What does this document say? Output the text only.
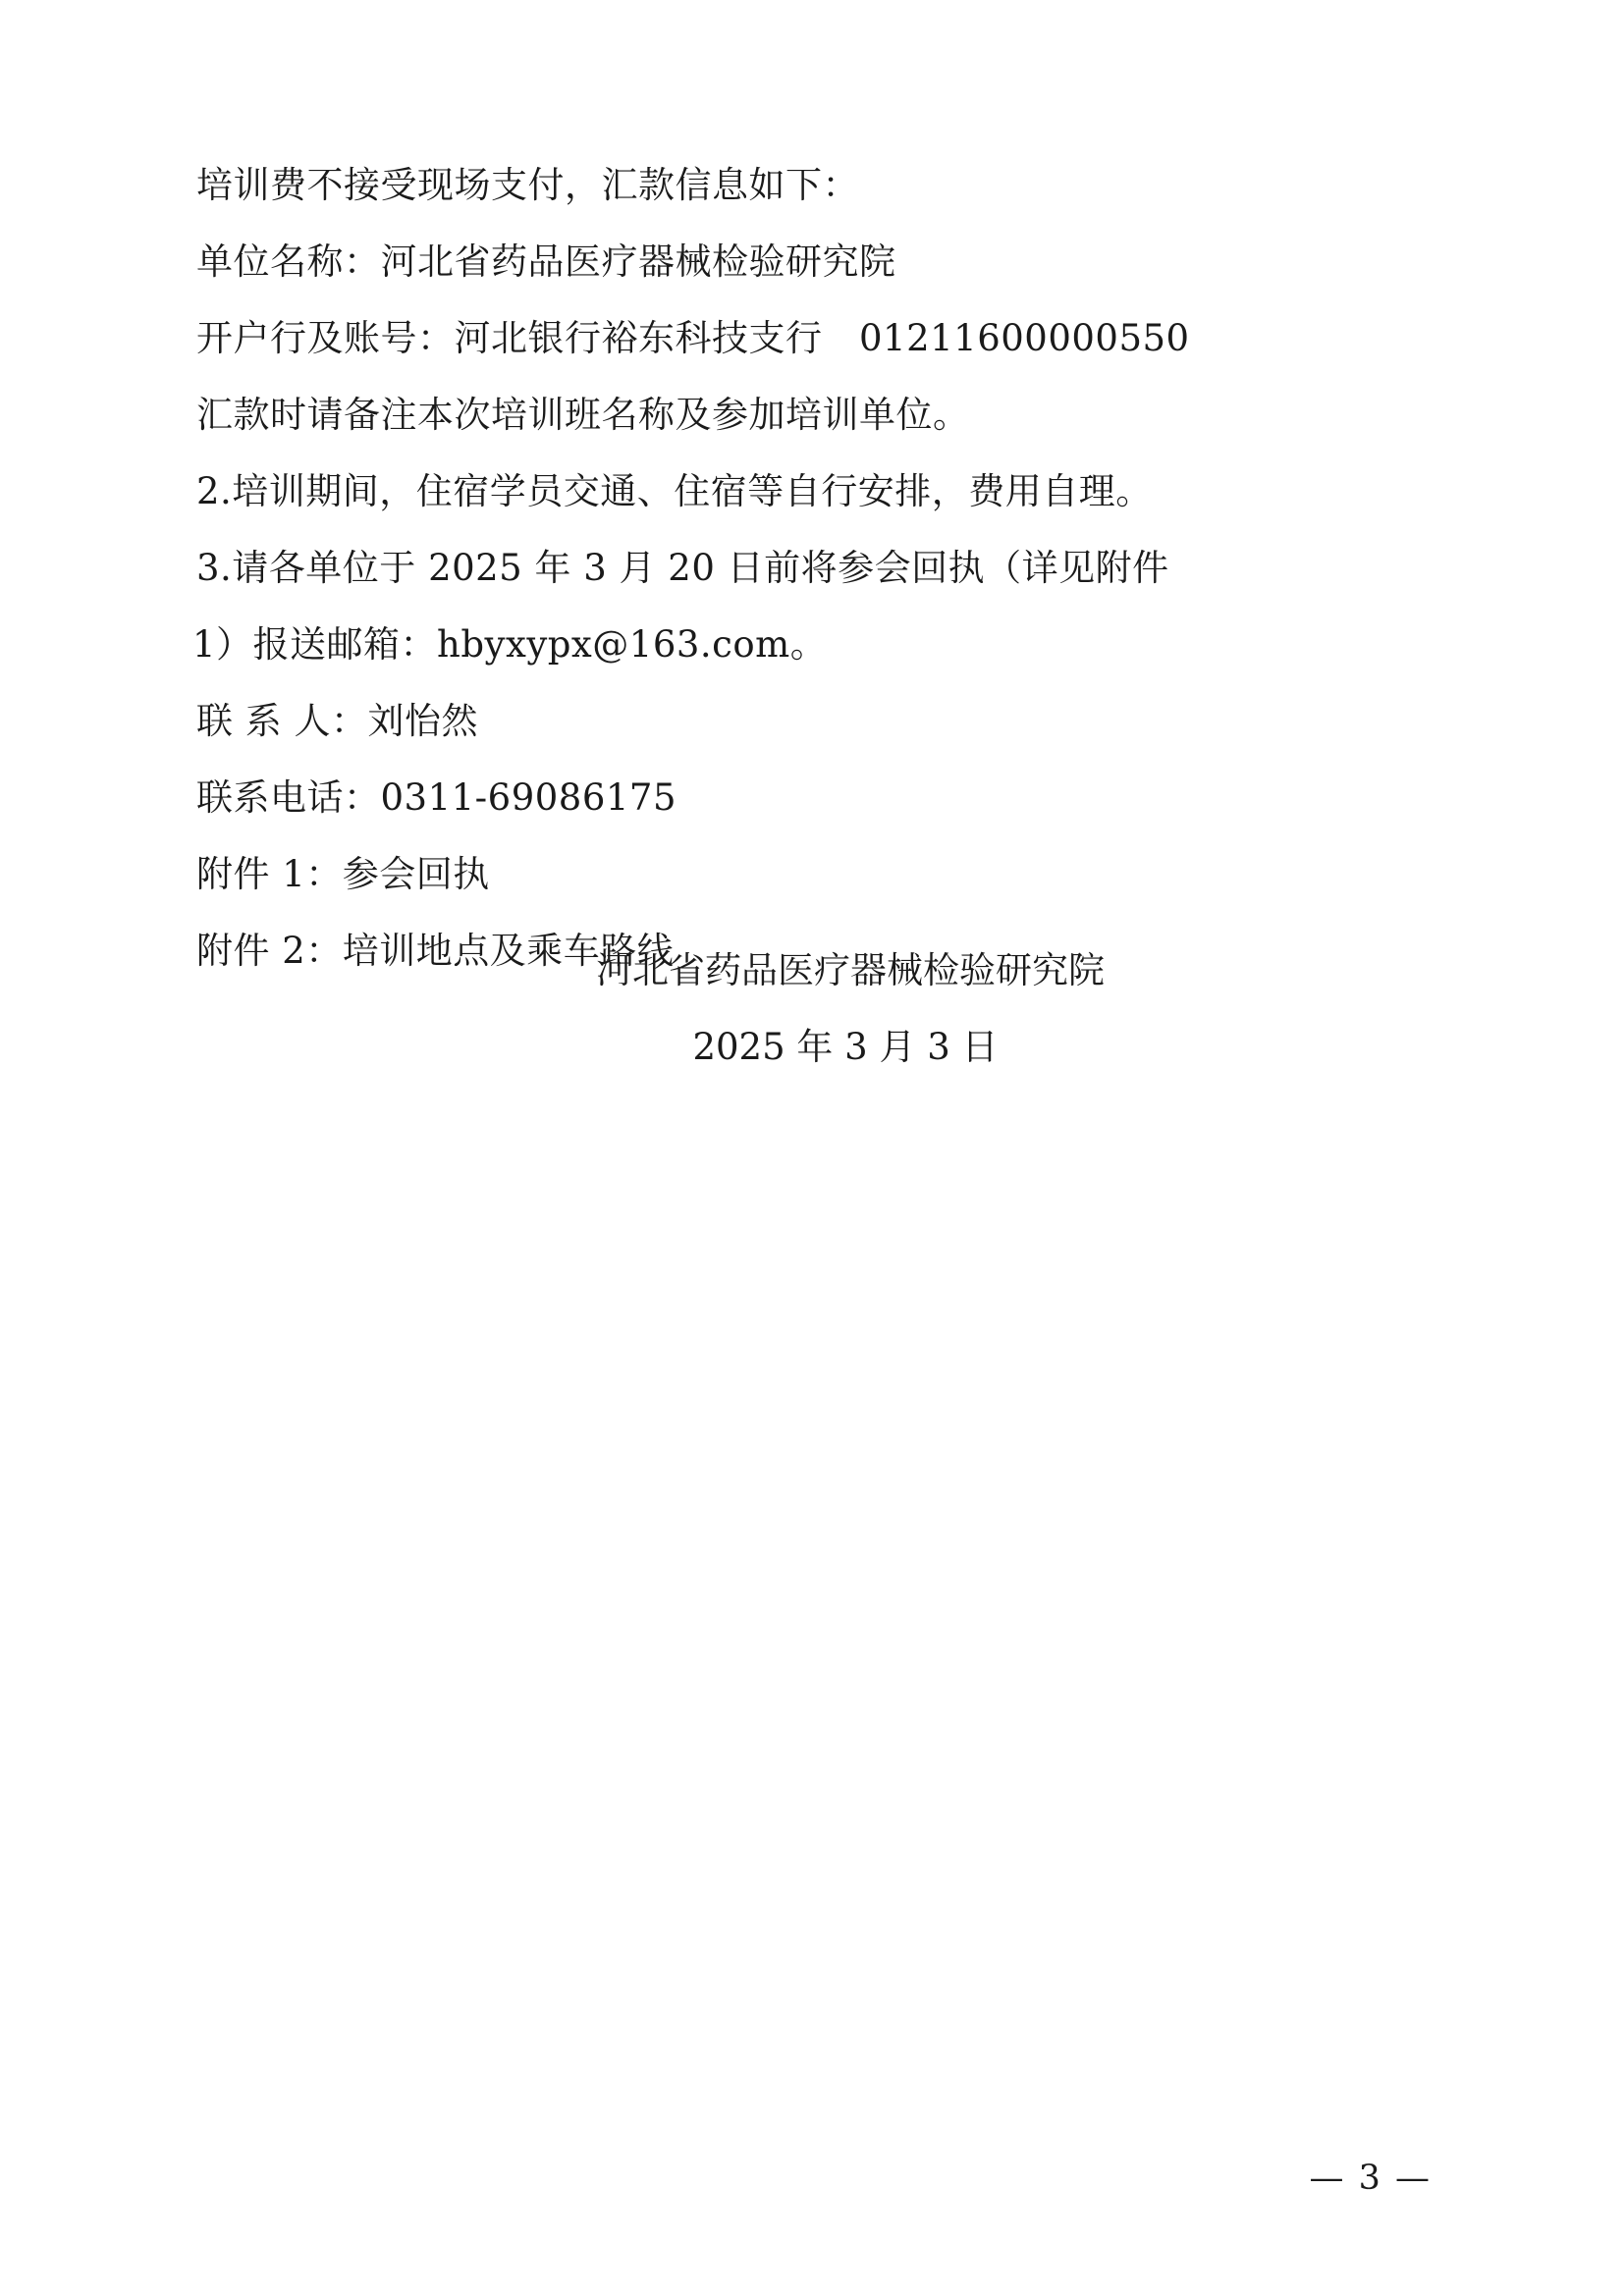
培训费不接受现场支付，汇款信息如下：
单位名称：河北省药品医疗器械检验研究院
开户行及账号：河北银行裕东科技支行　01211600000550
汇款时请备注本次培训班名称及参加培训单位。
2.培训期间，住宿学员交通、住宿等自行安排，费用自理。
3.请各单位于 2025 年 3 月 20 日前将参会回执（详见附件
1）报送邮箱：hbyxypx@163.com。
联 系 人：刘怡然
联系电话：0311-69086175
附件 1：参会回执
附件 2：培训地点及乘车路线
河北省药品医疗器械检验研究院
2025 年 3 月 3 日
— 3 —
